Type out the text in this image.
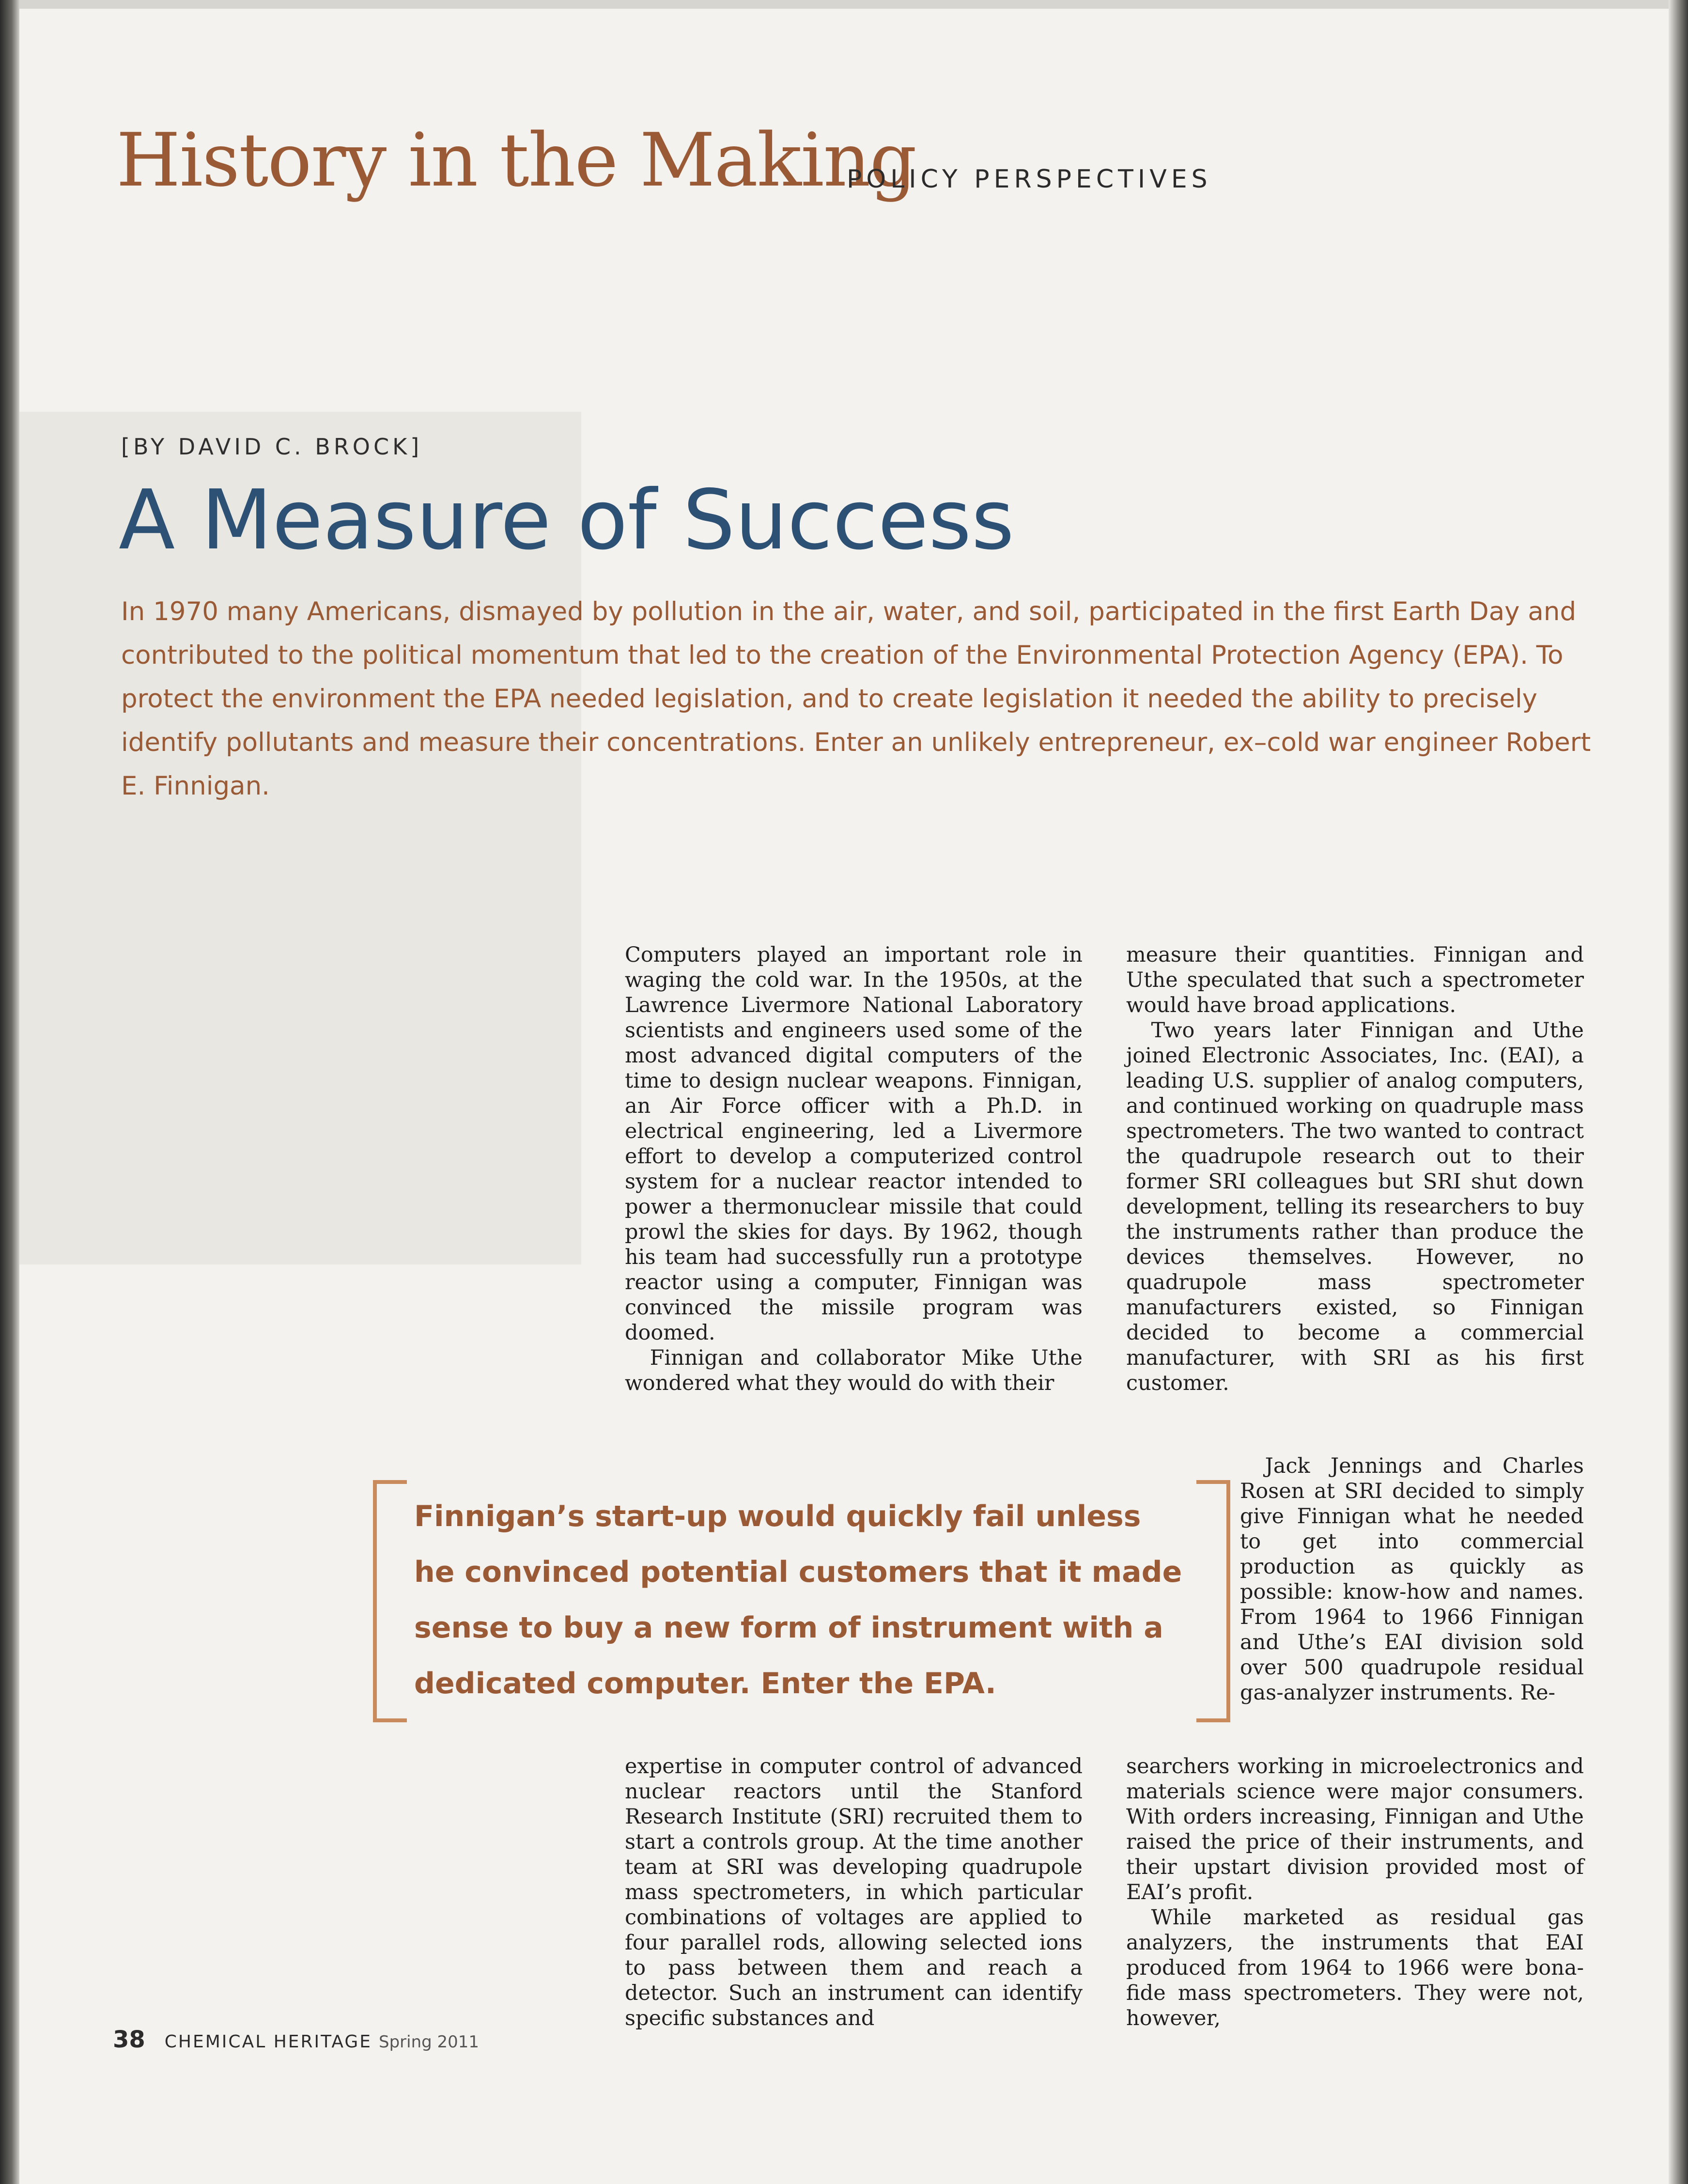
History in the Making
POLICY PERSPECTIVES
[BY DAVID C. BROCK]
A Measure of Success
In 1970 many Americans, dismayed by pollution in the air, water, and soil, participated in the first Earth Day and contributed to the political momentum that led to the creation of the Environmental Protection Agency (EPA). To protect the environment the EPA needed legislation, and to create legislation it needed the ability to precisely identify pollutants and measure their concentrations. Enter an unlikely entrepreneur, ex–cold war engineer Robert E. Finnigan.

Computers played an important role in waging the cold war. In the 1950s, at the Lawrence Livermore National Laboratory scientists and engineers used some of the most advanced digital computers of the time to design nuclear weapons. Finnigan, an Air Force officer with a Ph.D. in electrical engineering, led a Livermore effort to develop a computerized control system for a nuclear reactor intended to power a thermonuclear missile that could prowl the skies for days. By 1962, though his team had successfully run a prototype reactor using a computer, Finnigan was convinced the missile program was doomed.

Finnigan and collaborator Mike Uthe wondered what they would do with their

measure their quantities. Finnigan and Uthe speculated that such a spectrometer would have broad applications.

Two years later Finnigan and Uthe joined Electronic Associates, Inc. (EAI), a leading U.S. supplier of analog computers, and continued working on quadruple mass spectrometers. The two wanted to contract the quadrupole research out to their former SRI colleagues but SRI shut down development, telling its researchers to buy the instruments rather than produce the devices themselves. However, no quadrupole mass spectrometer manufacturers existed, so Finnigan decided to become a commercial manufacturer, with SRI as his first customer.

Jack Jennings and Charles Rosen at SRI decided to simply give Finnigan what he needed to get into commercial production as quickly as possible: know-how and names. From 1964 to 1966 Finnigan and Uthe’s EAI division sold over 500 quadrupole residual gas-analyzer instruments. Re-

Finnigan’s start-up would quickly fail unless he convinced potential customers that it made sense to buy a new form of instrument with a dedicated computer. Enter the EPA.

expertise in computer control of advanced nuclear reactors until the Stanford Research Institute (SRI) recruited them to start a controls group. At the time another team at SRI was developing quadrupole mass spectrometers, in which particular combinations of voltages are applied to four parallel rods, allowing selected ions to pass between them and reach a detector. Such an instrument can identify specific substances and

searchers working in microelectronics and materials science were major consumers. With orders increasing, Finnigan and Uthe raised the price of their instruments, and their upstart division provided most of EAI’s profit.

While marketed as residual gas analyzers, the instruments that EAI produced from 1964 to 1966 were bona-fide mass spectrometers. They were not, however,

38 CHEMICAL HERITAGE Spring 2011
